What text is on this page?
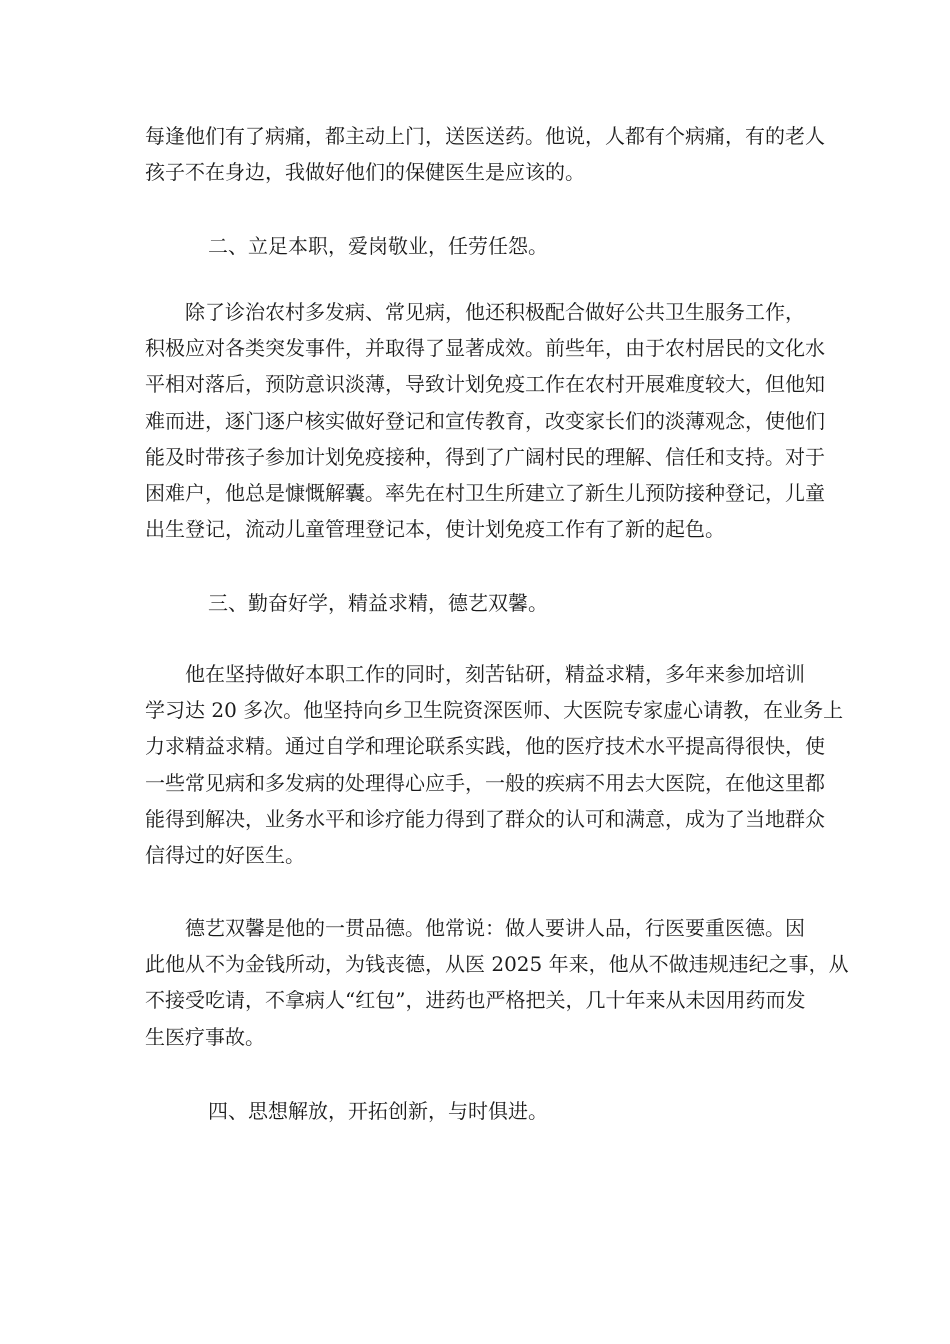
每逢他们有了病痛，都主动上门，送医送药。他说，人都有个病痛，有的老人
孩子不在身边，我做好他们的保健医生是应该的。

二、立足本职，爱岗敬业，任劳任怨。

　　除了诊治农村多发病、常见病，他还积极配合做好公共卫生服务工作，
积极应对各类突发事件，并取得了显著成效。前些年，由于农村居民的文化水
平相对落后，预防意识淡薄，导致计划免疫工作在农村开展难度较大，但他知
难而进，逐门逐户核实做好登记和宣传教育，改变家长们的淡薄观念，使他们
能及时带孩子参加计划免疫接种，得到了广阔村民的理解、信任和支持。对于
困难户，他总是慷慨解囊。率先在村卫生所建立了新生儿预防接种登记，儿童
出生登记，流动儿童管理登记本，使计划免疫工作有了新的起色。

三、勤奋好学，精益求精，德艺双馨。

　　他在坚持做好本职工作的同时，刻苦钻研，精益求精，多年来参加培训
学习达 20 多次。他坚持向乡卫生院资深医师、大医院专家虚心请教，在业务上
力求精益求精。通过自学和理论联系实践，他的医疗技术水平提高得很快，使
一些常见病和多发病的处理得心应手，一般的疾病不用去大医院，在他这里都
能得到解决，业务水平和诊疗能力得到了群众的认可和满意，成为了当地群众
信得过的好医生。

　　德艺双馨是他的一贯品德。他常说：做人要讲人品，行医要重医德。因
此他从不为金钱所动，为钱丧德，从医 2025 年来，他从不做违规违纪之事，从
不接受吃请，不拿病人“红包”，进药也严格把关，几十年来从未因用药而发
生医疗事故。

四、思想解放，开拓创新，与时俱进。
